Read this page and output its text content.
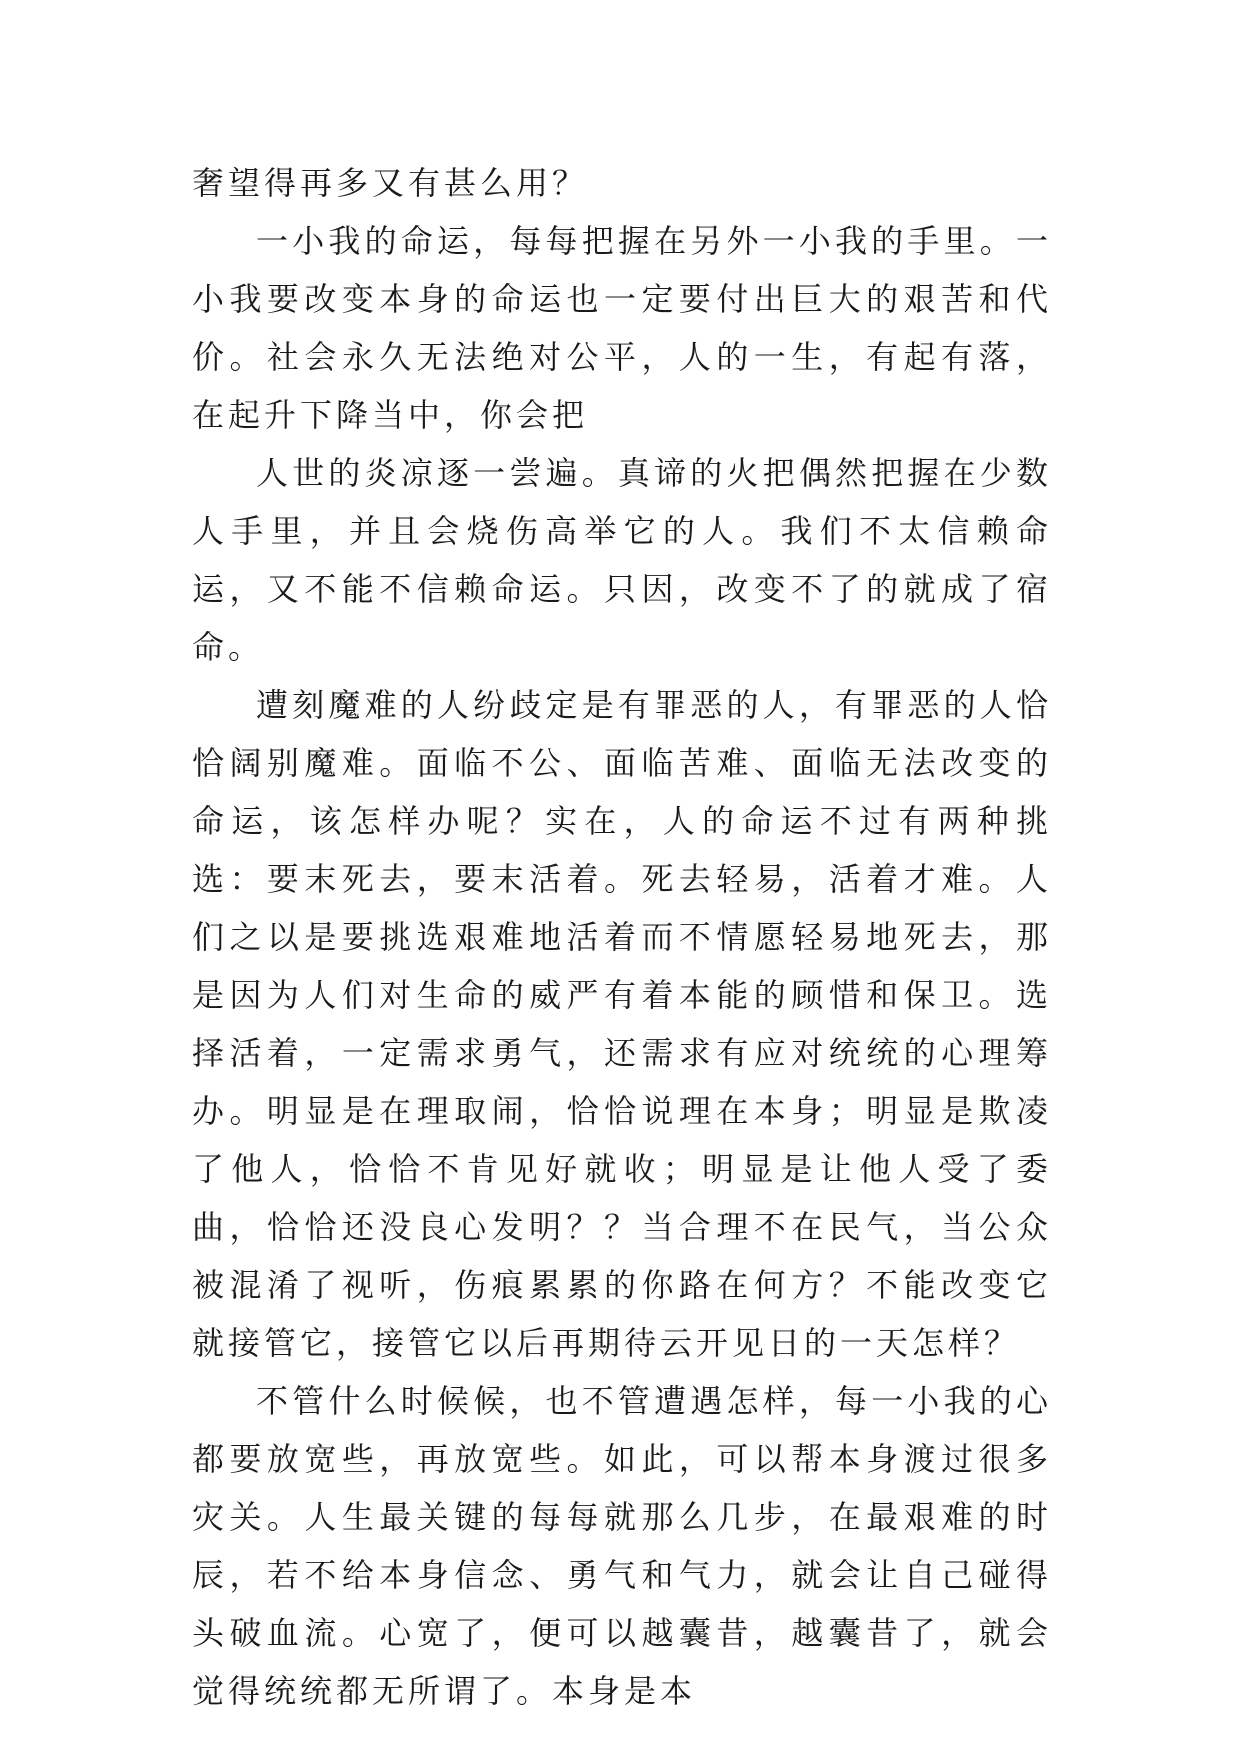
奢望得再多又有甚么用？

一小我的命运，每每把握在另外一小我的手里。一小我要改变本身的命运也一定要付出巨大的艰苦和代价。社会永久无法绝对公平，人的一生，有起有落，在起升下降当中，你会把

人世的炎凉逐一尝遍。真谛的火把偶然把握在少数人手里，并且会烧伤高举它的人。我们不太信赖命运，又不能不信赖命运。只因，改变不了的就成了宿命。

遭刻魔难的人纷歧定是有罪恶的人，有罪恶的人恰恰阔别魔难。面临不公、面临苦难、面临无法改变的命运，该怎样办呢？实在，人的命运不过有两种挑选：要末死去，要末活着。死去轻易，活着才难。人们之以是要挑选艰难地活着而不情愿轻易地死去，那是因为人们对生命的威严有着本能的顾惜和保卫。选择活着，一定需求勇气，还需求有应对统统的心理筹办。明显是在理取闹，恰恰说理在本身；明显是欺凌了他人，恰恰不肯见好就收；明显是让他人受了委曲，恰恰还没良心发明？？当合理不在民气，当公众被混淆了视听，伤痕累累的你路在何方？不能改变它就接管它，接管它以后再期待云开见日的一天怎样？

不管什么时候候，也不管遭遇怎样，每一小我的心都要放宽些，再放宽些。如此，可以帮本身渡过很多灾关。人生最关键的每每就那么几步，在最艰难的时辰，若不给本身信念、勇气和气力，就会让自己碰得头破血流。心宽了，便可以越囊昔，越囊昔了，就会觉得统统都无所谓了。本身是本
